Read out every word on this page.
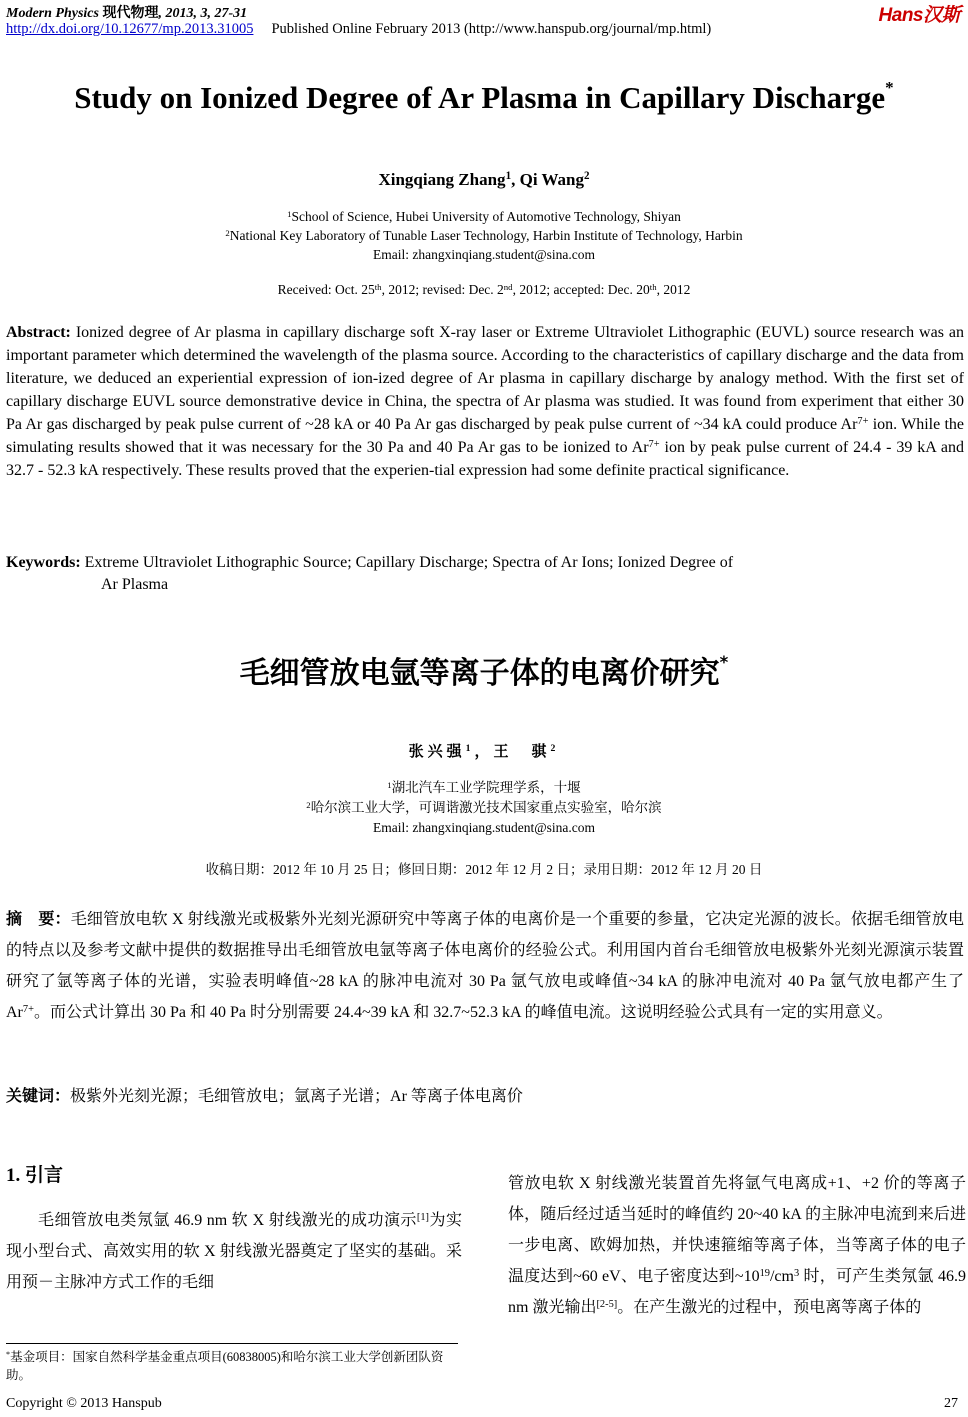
Modern Physics 现代物理, 2013, 3, 27-31	Hans汉斯
http://dx.doi.org/10.12677/mp.2013.31005 Published Online February 2013 (http://www.hanspub.org/journal/mp.html)
Study on Ionized Degree of Ar Plasma in Capillary Discharge*
Xingqiang Zhang$^1$, Qi Wang$^2$
$^1$School of Science, Hubei University of Automotive Technology, Shiyan
$^2$National Key Laboratory of Tunable Laser Technology, Harbin Institute of Technology, Harbin
Email: zhangxinqiang.student@sina.com
Received: Oct. 25th, 2012; revised: Dec. 2nd, 2012; accepted: Dec. 20th, 2012
Abstract: Ionized degree of Ar plasma in capillary discharge soft X-ray laser or Extreme Ultraviolet Lithographic (EUVL) source research was an important parameter which determined the wavelength of the plasma source. According to the characteristics of capillary discharge and the data from literature, we deduced an experiential expression of ion-ized degree of Ar plasma in capillary discharge by analogy method. With the first set of capillary discharge EUVL source demonstrative device in China, the spectra of Ar plasma was studied. It was found from experiment that either 30 Pa Ar gas discharged by peak pulse current of ~28 kA or 40 Pa Ar gas discharged by peak pulse current of ~34 kA could produce $Ar^{7+}$ ion. While the simulating results showed that it was necessary for the 30 Pa and 40 Pa Ar gas to be ionized to $Ar^{7+}$ ion by peak pulse current of 24.4 - 39 kA and 32.7 - 52.3 kA respectively. These results proved that the experien-tial expression had some definite practical significance.
Keywords: Extreme Ultraviolet Lithographic Source; Capillary Discharge; Spectra of Ar Ions; Ionized Degree of
Ar Plasma
毛细管放电氩等离子体的电离价研究*
张兴强$^1$，王　骐$^2$
$^1$湖北汽车工业学院理学系，十堰
$^2$哈尔滨工业大学，可调谐激光技术国家重点实验室，哈尔滨
Email: zhangxinqiang.student@sina.com
收稿日期：2012 年 10 月 25 日；修回日期：2012 年 12 月 2 日；录用日期：2012 年 12 月 20 日
摘　要：毛细管放电软 X 射线激光或极紫外光刻光源研究中等离子体的电离价是一个重要的参量，它决定光源的波长。依据毛细管放电的特点以及参考文献中提供的数据推导出毛细管放电氩等离子体电离价的经验公式。利用国内首台毛细管放电极紫外光刻光源演示装置研究了氩等离子体的光谱，实验表明峰值~28 kA 的脉冲电流对 30 Pa 氩气放电或峰值~34 kA 的脉冲电流对 40 Pa 氩气放电都产生了 $Ar^{7+}$。而公式计算出 30 Pa 和 40 Pa 时分别需要 24.4~39 kA 和 32.7~52.3 kA 的峰值电流。这说明经验公式具有一定的实用意义。
关键词：极紫外光刻光源；毛细管放电；氩离子光谱；Ar 等离子体电离价
1. 引言
毛细管放电类氖氩 46.9 nm 软 X 射线激光的成功演示[1]为实现小型台式、高效实用的软 X 射线激光器奠定了坚实的基础。采用预－主脉冲方式工作的毛细
管放电软 X 射线激光装置首先将氩气电离成+1、+2 价的等离子体，随后经过适当延时的峰值约 20~40 kA 的主脉冲电流到来后进一步电离、欧姆加热，并快速箍缩等离子体，当等离子体的电子温度达到~60 eV、电子密度达到$\sim 10^{19}/cm^3$ 时，可产生类氖氩 46.9 nm 激光输出[2-5]。在产生激光的过程中，预电离等离子体的
*基金项目：国家自然科学基金重点项目(60838005)和哈尔滨工业大学创新团队资助。
Copyright © 2013 Hanspub	27
